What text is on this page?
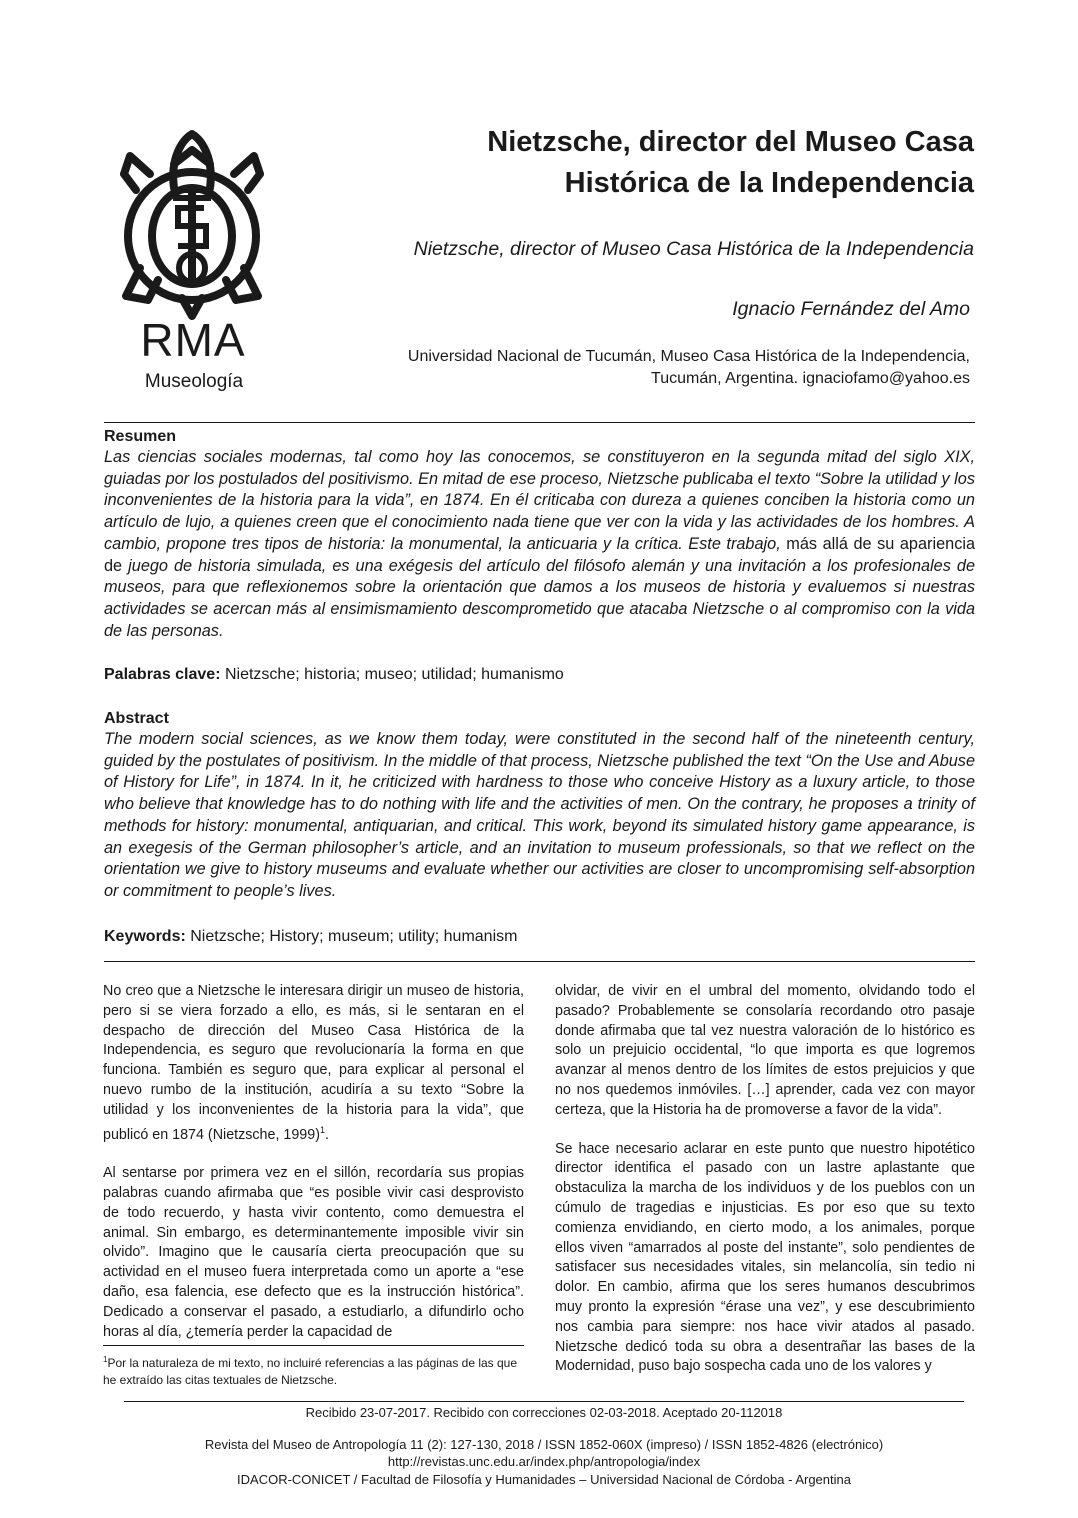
RMA
Museología
Nietzsche, director del Museo Casa
Histórica de la Independencia
Nietzsche, director of Museo Casa Histórica de la Independencia
Ignacio Fernández del Amo
Universidad Nacional de Tucumán, Museo Casa Histórica de la Independencia,
Tucumán, Argentina. ignaciofamo@yahoo.es
Resumen
Las ciencias sociales modernas, tal como hoy las conocemos, se constituyeron en la segunda mitad del siglo XIX, guiadas por los postulados del positivismo. En mitad de ese proceso, Nietzsche publicaba el texto “Sobre la utilidad y los inconvenientes de la historia para la vida”, en 1874. En él criticaba con dureza a quienes conciben la historia como un artículo de lujo, a quienes creen que el conocimiento nada tiene que ver con la vida y las actividades de los hombres. A cambio, propone tres tipos de historia: la monumental, la anticuaria y la crítica. Este trabajo, más allá de su apariencia de juego de historia simulada, es una exégesis del artículo del filósofo alemán y una invitación a los profesionales de museos, para que reflexionemos sobre la orientación que damos a los museos de historia y evaluemos si nuestras actividades se acercan más al ensimismamiento descomprometido que atacaba Nietzsche o al compromiso con la vida de las personas.
Palabras clave: Nietzsche; historia; museo; utilidad; humanismo
Abstract
The modern social sciences, as we know them today, were constituted in the second half of the nineteenth century, guided by the postulates of positivism. In the middle of that process, Nietzsche published the text “On the Use and Abuse of History for Life”, in 1874. In it, he criticized with hardness to those who conceive History as a luxury article, to those who believe that knowledge has to do nothing with life and the activities of men. On the contrary, he proposes a trinity of methods for history: monumental, antiquarian, and critical. This work, beyond its simulated history game appearance, is an exegesis of the German philosopher’s article, and an invitation to museum professionals, so that we reflect on the orientation we give to history museums and evaluate whether our activities are closer to uncompromising self-absorption or commitment to people’s lives.
Keywords: Nietzsche; History; museum; utility; humanism

No creo que a Nietzsche le interesara dirigir un museo de historia, pero si se viera forzado a ello, es más, si le sentaran en el despacho de dirección del Museo Casa Histórica de la Independencia, es seguro que revolucionaría la forma en que funciona. También es seguro que, para explicar al personal el nuevo rumbo de la institución, acudiría a su texto “Sobre la utilidad y los inconvenientes de la historia para la vida”, que publicó en 1874 (Nietzsche, 1999)$^1$.

Al sentarse por primera vez en el sillón, recordaría sus propias palabras cuando afirmaba que “es posible vivir casi desprovisto de todo recuerdo, y hasta vivir contento, como demuestra el animal. Sin embargo, es determinantemente imposible vivir sin olvido”. Imagino que le causaría cierta preocupación que su actividad en el museo fuera interpretada como un aporte a “ese daño, esa falencia, ese defecto que es la instrucción histórica”. Dedicado a conservar el pasado, a estudiarlo, a difundirlo ocho horas al día, ¿temería perder la capacidad de

$^1$Por la naturaleza de mi texto, no incluiré referencias a las páginas de las que he extraído las citas textuales de Nietzsche.

olvidar, de vivir en el umbral del momento, olvidando todo el pasado? Probablemente se consolaría recordando otro pasaje donde afirmaba que tal vez nuestra valoración de lo histórico es solo un prejuicio occidental, “lo que importa es que logremos avanzar al menos dentro de los límites de estos prejuicios y que no nos quedemos inmóviles. […] aprender, cada vez con mayor certeza, que la Historia ha de promoverse a favor de la vida”.

Se hace necesario aclarar en este punto que nuestro hipotético director identifica el pasado con un lastre aplastante que obstaculiza la marcha de los individuos y de los pueblos con un cúmulo de tragedias e injusticias. Es por eso que su texto comienza envidiando, en cierto modo, a los animales, porque ellos viven “amarrados al poste del instante”, solo pendientes de satisfacer sus necesidades vitales, sin melancolía, sin tedio ni dolor. En cambio, afirma que los seres humanos descubrimos muy pronto la expresión “érase una vez”, y ese descubrimiento nos cambia para siempre: nos hace vivir atados al pasado. Nietzsche dedicó toda su obra a desentrañar las bases de la Modernidad, puso bajo sospecha cada uno de los valores y

Recibido 23-07-2017. Recibido con correcciones 02-03-2018. Aceptado 20-112018
Revista del Museo de Antropología 11 (2): 127-130, 2018 / ISSN 1852-060X (impreso) / ISSN 1852-4826 (electrónico)
http://revistas.unc.edu.ar/index.php/antropologia/index
IDACOR-CONICET / Facultad de Filosofía y Humanidades – Universidad Nacional de Córdoba - Argentina
